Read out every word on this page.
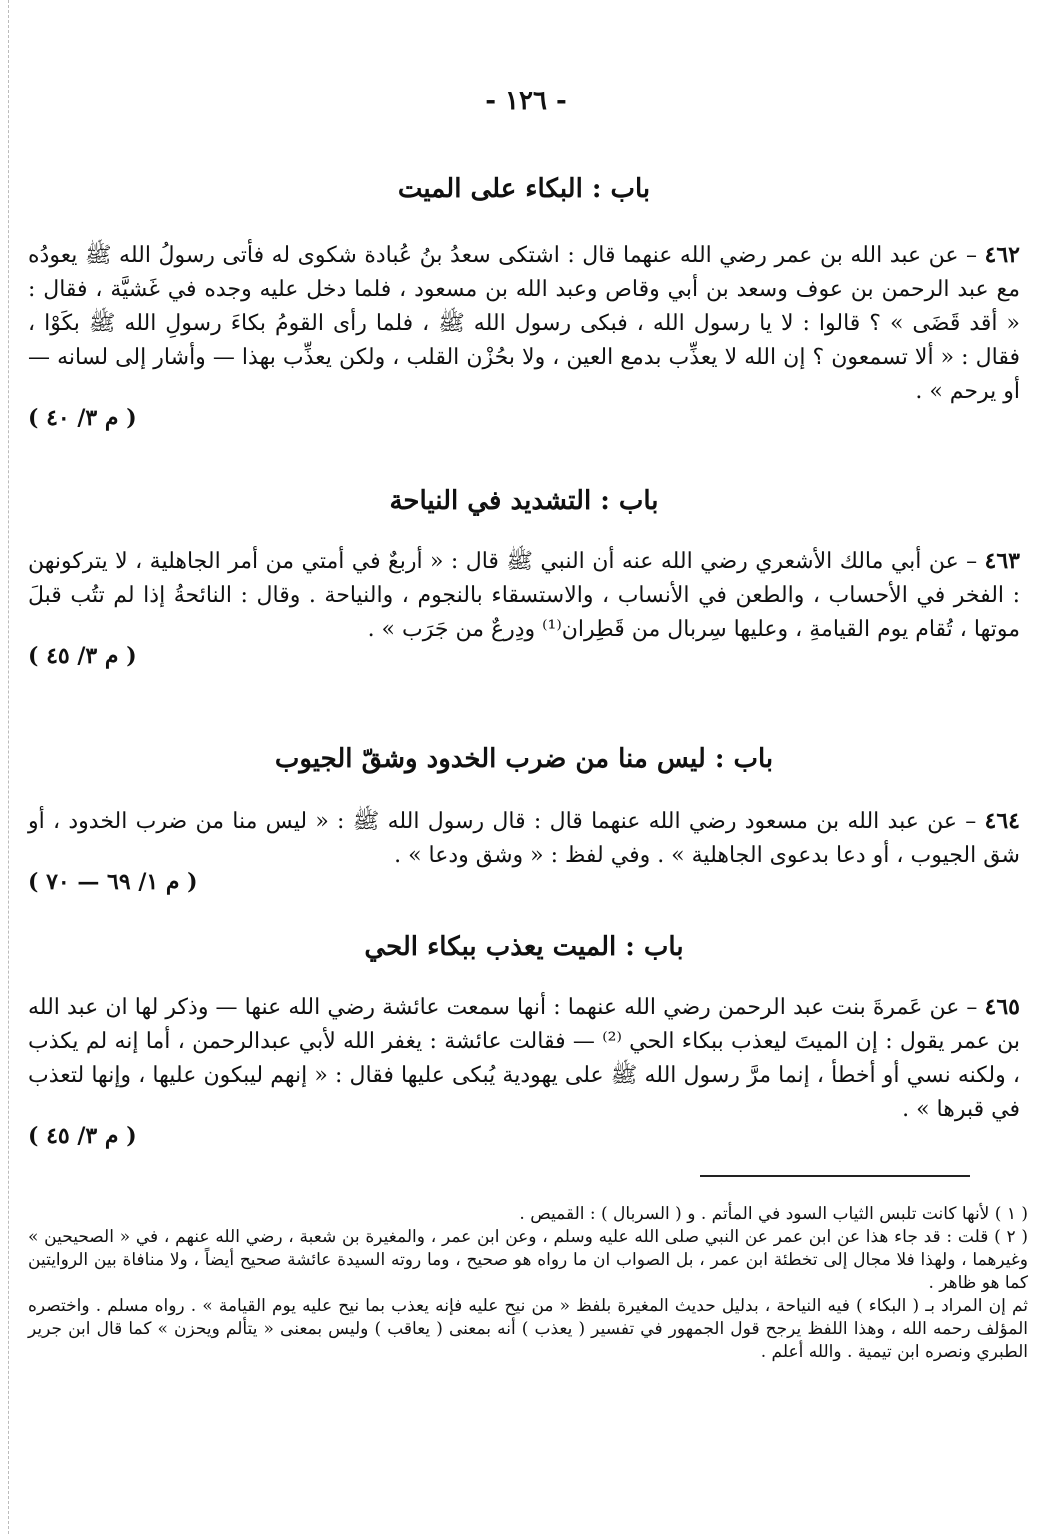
- ١٢٦ -
باب : البكاء على الميت

٤٦٢ – عن عبد الله بن عمر رضي الله عنهما قال : اشتكى سعدُ بنُ عُبادة شكوى له فأتى رسولُ الله ﷺ يعودُه مع عبد الرحمن بن عوف وسعد بن أبي وقاص وعبد الله بن مسعود ، فلما دخل عليه وجده في غَشيَّة ، فقال : « أقد قَضَى » ؟ قالوا : لا يا رسول الله ، فبكى رسول الله ﷺ ، فلما رأى القومُ بكاءَ رسولِ الله ﷺ بكَوْا ، فقال : « ألا تسمعون ؟ إن الله لا يعذِّب بدمع العين ، ولا بحُزْن القلب ، ولكن يعذِّب بهذا — وأشار إلى لسانه — أو يرحم » .

( م ٣/ ٤٠ )
باب : التشديد في النياحة

٤٦٣ – عن أبي مالك الأشعري رضي الله عنه أن النبي ﷺ قال : « أربعٌ في أمتي من أمر الجاهلية ، لا يتركونهن : الفخر في الأحساب ، والطعن في الأنساب ، والاستسقاء بالنجوم ، والنياحة . وقال : النائحةُ إذا لم تتُب قبلَ موتها ، تُقام يوم القيامةِ ، وعليها سِربال من قَطِران⁽¹⁾ ودِرعٌ من جَرَب » .

( م ٣/ ٤٥ )
باب : ليس منا من ضرب الخدود وشقّ الجيوب

٤٦٤ – عن عبد الله بن مسعود رضي الله عنهما قال : قال رسول الله ﷺ : « ليس منا من ضرب الخدود ، أو شق الجيوب ، أو دعا بدعوى الجاهلية » . وفي لفظ : « وشق ودعا » .

( م ١/ ٦٩ — ٧٠ )
باب : الميت يعذب ببكاء الحي

٤٦٥ – عن عَمرةَ بنت عبد الرحمن رضي الله عنهما : أنها سمعت عائشة رضي الله عنها — وذكر لها ان عبد الله بن عمر يقول : إن الميتَ ليعذب ببكاء الحي ⁽²⁾ — فقالت عائشة : يغفر الله لأبي عبدالرحمن ، أما إنه لم يكذب ، ولكنه نسي أو أخطأ ، إنما مرَّ رسول الله ﷺ على يهودية يُبكى عليها فقال : « إنهم ليبكون عليها ، وإنها لتعذب في قبرها » .

( م ٣/ ٤٥ )

( ١ ) لأنها كانت تلبس الثياب السود في المأتم . و ( السربال ) : القميص .

( ٢ ) قلت : قد جاء هذا عن ابن عمر عن النبي صلى الله عليه وسلم ، وعن ابن عمر ، والمغيرة بن شعبة ، رضي الله عنهم ، في « الصحيحين » وغيرهما ، ولهذا فلا مجال إلى تخطئة ابن عمر ، بل الصواب ان ما رواه هو صحيح ، وما روته السيدة عائشة صحيح أيضاً ، ولا منافاة بين الروايتين كما هو ظاهر .

ثم إن المراد بـ ( البكاء ) فيه النياحة ، بدليل حديث المغيرة بلفظ « من نيح عليه فإنه يعذب بما نيح عليه يوم القيامة » . رواه مسلم . واختصره المؤلف رحمه الله ، وهذا اللفظ يرجح قول الجمهور في تفسير ( يعذب ) أنه بمعنى ( يعاقب ) وليس بمعنى « يتألم ويحزن » كما قال ابن جرير الطبري ونصره ابن تيمية . والله أعلم .
